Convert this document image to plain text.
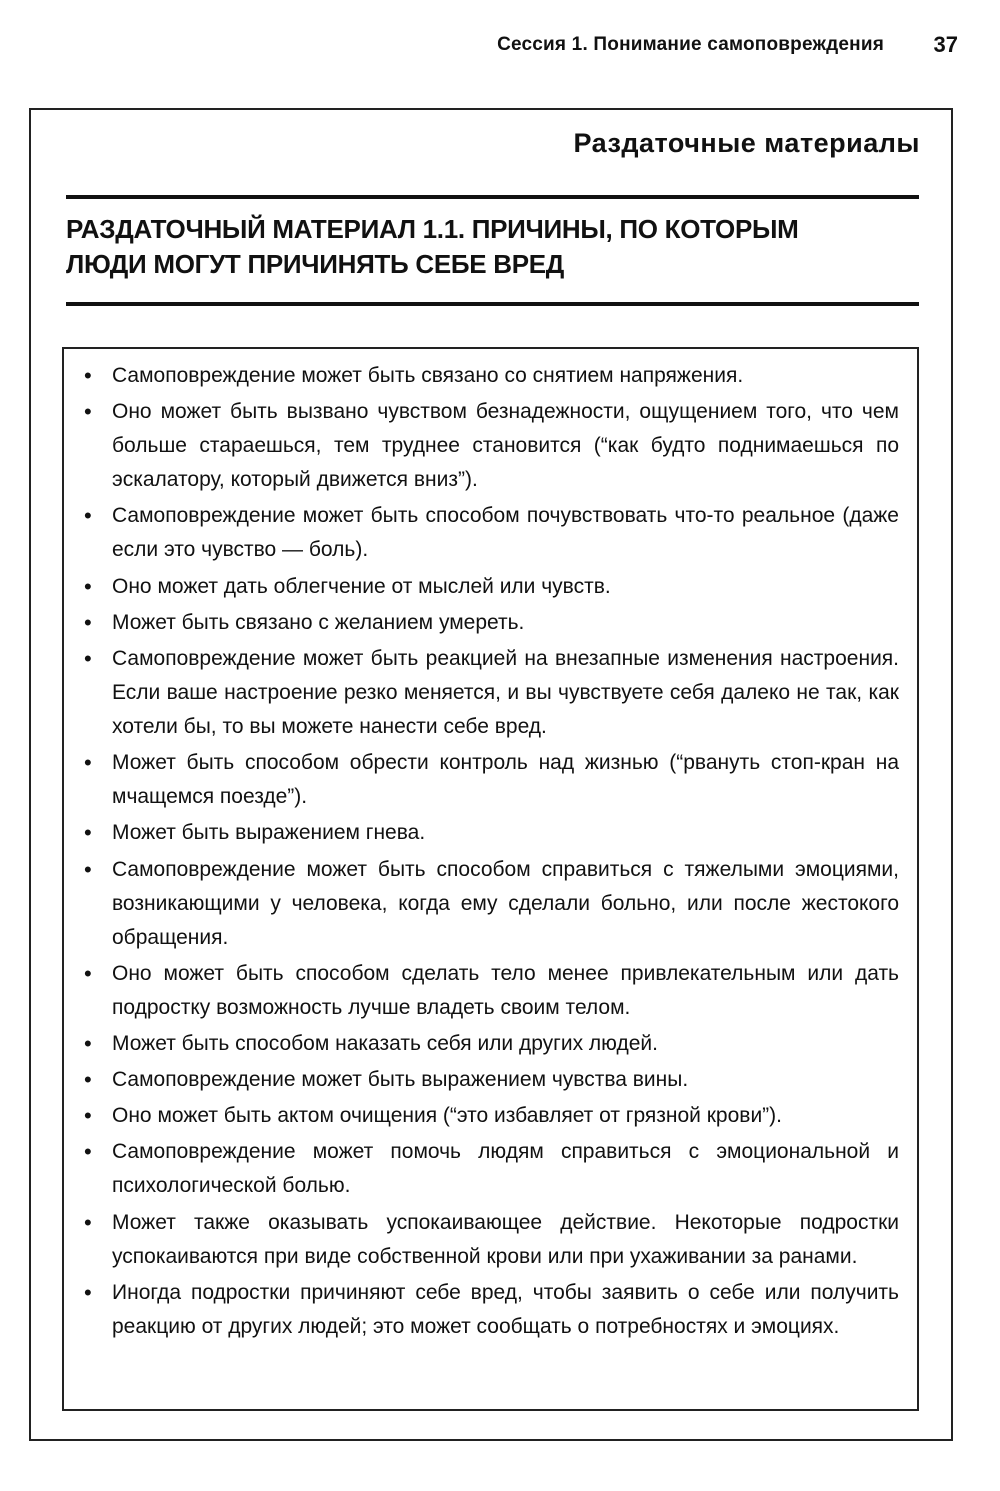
Сессия 1. Понимание самоповреждения 37
Раздаточные материалы
РАЗДАТОЧНЫЙ МАТЕРИАЛ 1.1. ПРИЧИНЫ, ПО КОТОРЫМ
ЛЮДИ МОГУТ ПРИЧИНЯТЬ СЕБЕ ВРЕД
• Самоповреждение может быть связано со снятием напряжения.
• Оно может быть вызвано чувством безнадежности, ощущением того, что чем больше стараешься, тем труднее становится (“как будто поднимаешься по эскалатору, который движется вниз”).
• Самоповреждение может быть способом почувствовать что-то реальное (даже если это чувство — боль).
• Оно может дать облегчение от мыслей или чувств.
• Может быть связано с желанием умереть.
• Самоповреждение может быть реакцией на внезапные изменения настроения. Если ваше настроение резко меняется, и вы чувствуете себя далеко не так, как хотели бы, то вы можете нанести себе вред.
• Может быть способом обрести контроль над жизнью (“рвануть стоп-кран на мчащемся поезде”).
• Может быть выражением гнева.
• Самоповреждение может быть способом справиться с тяжелыми эмоциями, возникающими у человека, когда ему сделали больно, или после жестокого обращения.
• Оно может быть способом сделать тело менее привлекательным или дать подростку возможность лучше владеть своим телом.
• Может быть способом наказать себя или других людей.
• Самоповреждение может быть выражением чувства вины.
• Оно может быть актом очищения (“это избавляет от грязной крови”).
• Самоповреждение может помочь людям справиться с эмоциональной и психологической болью.
• Может также оказывать успокаивающее действие. Некоторые подростки успокаиваются при виде собственной крови или при ухаживании за ранами.
• Иногда подростки причиняют себе вред, чтобы заявить о себе или получить реакцию от других людей; это может сообщать о потребностях и эмоциях.
